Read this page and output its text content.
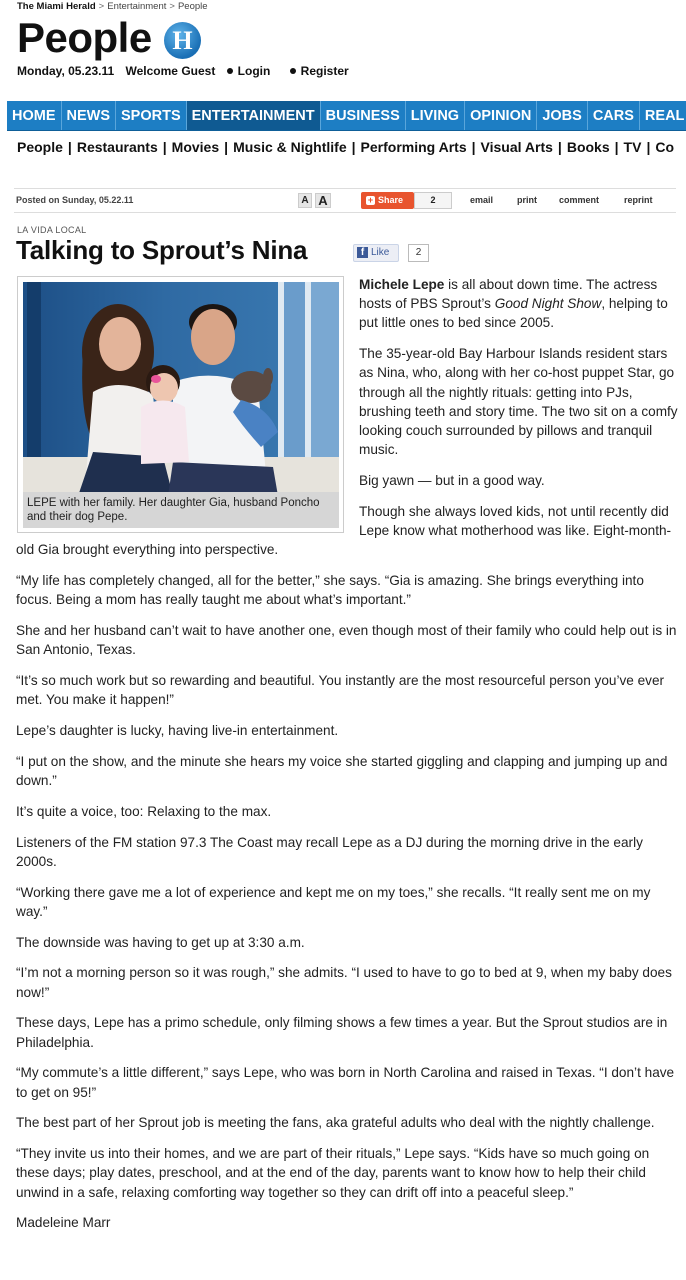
The Miami Herald > Entertainment > People
People H
Monday, 05.23.11 Welcome Guest Login	Register
HOME NEWS SPORTS ENTERTAINMENT BUSINESS LIVING OPINION JOBS CARS REAL
People | Restaurants | Movies | Music & Nightlife | Performing Arts | Visual Arts | Books | TV | Co
Posted on Sunday, 05.22.11	A A	+ Share	2	email	print comment	reprint
LA VIDA LOCAL
Talking to Sprout’s Nina	f Like	2

Michele Lepe is all about down time. The actress hosts of PBS Sprout’s Good Night Show, helping to put little ones to bed since 2005.

The 35-year-old Bay Harbour Islands resident stars as Nina, who, along with her co-host puppet Star, go through all the nightly rituals: getting into PJs, brushing teeth and story time. The two sit on a comfy looking couch surrounded by pillows and tranquil music.

Big yawn — but in a good way.

Though she always loved kids, not until recently did Lepe know what motherhood was like. Eight-month-old Gia brought everything into perspective.

“My life has completely changed, all for the better,” she says. “Gia is amazing. She brings everything into focus. Being a mom has really taught me about what’s important.”

She and her husband can’t wait to have another one, even though most of their family who could help out is in San Antonio, Texas.

“It’s so much work but so rewarding and beautiful. You instantly are the most resourceful person you’ve ever met. You make it happen!”

Lepe’s daughter is lucky, having live-in entertainment.

“I put on the show, and the minute she hears my voice she started giggling and clapping and jumping up and down.”

It’s quite a voice, too: Relaxing to the max.

Listeners of the FM station 97.3 The Coast may recall Lepe as a DJ during the morning drive in the early 2000s.

“Working there gave me a lot of experience and kept me on my toes,” she recalls. “It really sent me on my way.”

The downside was having to get up at 3:30 a.m.

“I’m not a morning person so it was rough,” she admits. “I used to have to go to bed at 9, when my baby does now!”

These days, Lepe has a primo schedule, only filming shows a few times a year. But the Sprout studios are in Philadelphia.

“My commute’s a little different,” says Lepe, who was born in North Carolina and raised in Texas. “I don’t have to get on 95!”

The best part of her Sprout job is meeting the fans, aka grateful adults who deal with the nightly challenge.

“They invite us into their homes, and we are part of their rituals,” Lepe says. “Kids have so much going on these days; play dates, preschool, and at the end of the day, parents want to know how to help their child unwind in a safe, relaxing comforting way together so they can drift off into a peaceful sleep.”

Madeleine Marr

LEPE with her family. Her daughter Gia, husband Poncho and their dog Pepe.
